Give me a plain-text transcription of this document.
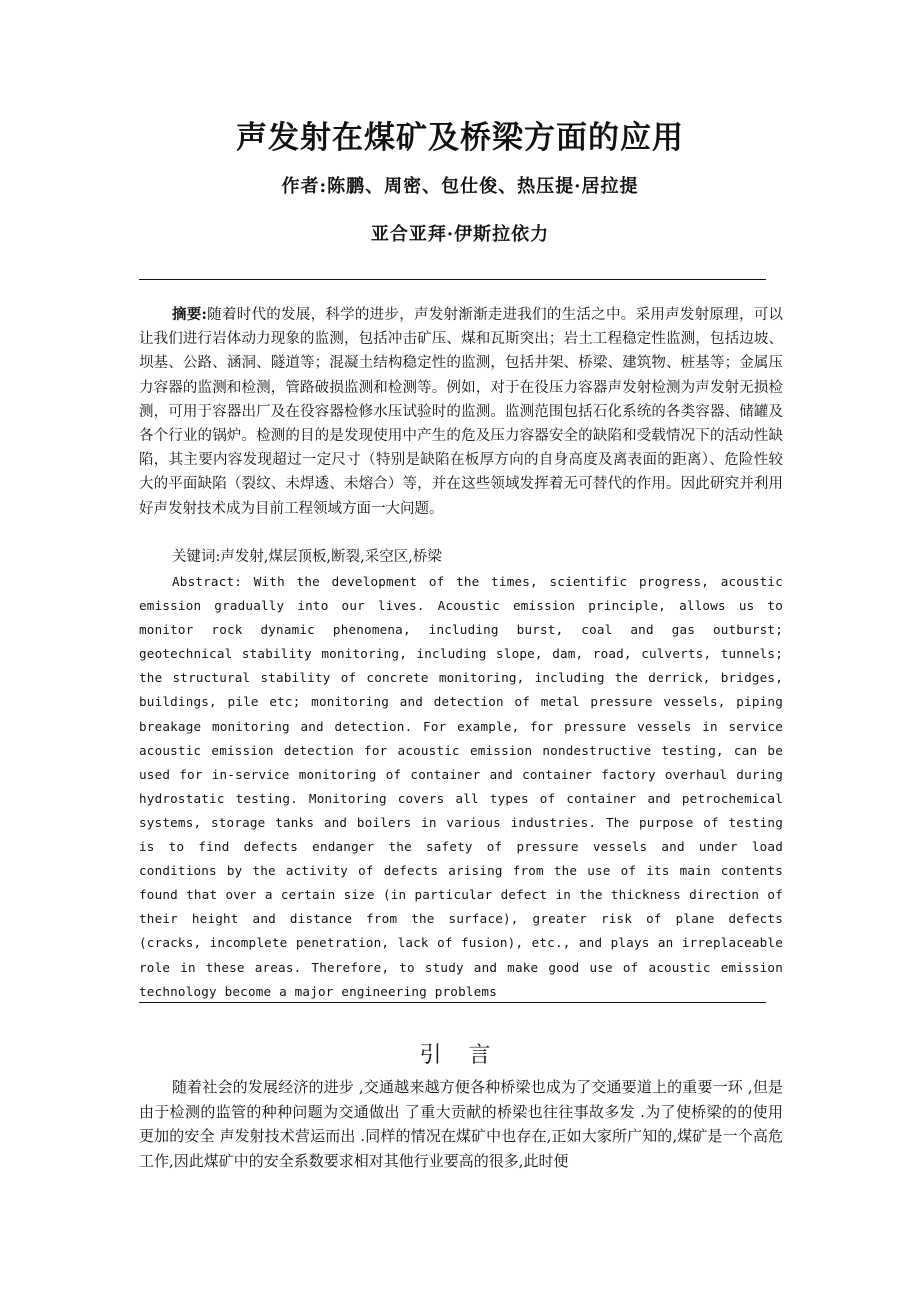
声发射在煤矿及桥梁方面的应用
作者:陈鹏、周密、包仕俊、热压提·居拉提
亚合亚拜·伊斯拉依力
摘要:随着时代的发展，科学的进步，声发射渐渐走进我们的生活之中。采用声发射原理，可以让我们进行岩体动力现象的监测，包括冲击矿压、煤和瓦斯突出；岩土工程稳定性监测，包括边坡、坝基、公路、涵洞、隧道等；混凝土结构稳定性的监测，包括井架、桥梁、建筑物、桩基等；金属压力容器的监测和检测，管路破损监测和检测等。例如，对于在役压力容器声发射检测为声发射无损检测，可用于容器出厂及在役容器检修水压试验时的监测。监测范围包括石化系统的各类容器、储罐及各个行业的锅炉。检测的目的是发现使用中产生的危及压力容器安全的缺陷和受载情况下的活动性缺陷，其主要内容发现超过一定尺寸（特别是缺陷在板厚方向的自身高度及离表面的距离）、危险性较大的平面缺陷（裂纹、未焊透、未熔合）等，并在这些领域发挥着无可替代的作用。因此研究并利用好声发射技术成为目前工程领域方面一大问题。
关键词:声发射,煤层顶板,断裂,采空区,桥梁
Abstract: With the development of the times, scientific progress, acoustic emission gradually into our lives. Acoustic emission principle, allows us to monitor rock dynamic phenomena, including burst, coal and gas outburst; geotechnical stability monitoring, including slope, dam, road, culverts, tunnels; the structural stability of concrete monitoring, including the derrick, bridges, buildings, pile etc; monitoring and detection of metal pressure vessels, piping breakage monitoring and detection. For example, for pressure vessels in service acoustic emission detection for acoustic emission nondestructive testing, can be used for in-service monitoring of container and container factory overhaul during hydrostatic testing. Monitoring covers all types of container and petrochemical systems, storage tanks and boilers in various industries. The purpose of testing is to find defects endanger the safety of pressure vessels and under load conditions by the activity of defects arising from the use of its main contents found that over a certain size (in particular defect in the thickness direction of their height and distance from the surface), greater risk of plane defects (cracks, incomplete penetration, lack of fusion), etc., and plays an irreplaceable role in these areas. Therefore, to study and make good use of acoustic emission technology become a major engineering problems
引 言
随着社会的发展经济的进步 ,交通越来越方便各种桥梁也成为了交通要道上的重要一环 ,但是由于检测的监管的种种问题为交通做出 了重大贡献的桥梁也往往事故多发 .为了使桥梁的的使用更加的安全 声发射技术营运而出 .同样的情况在煤矿中也存在,正如大家所广知的,煤矿是一个高危工作,因此煤矿中的安全系数要求相对其他行业要高的很多,此时便
